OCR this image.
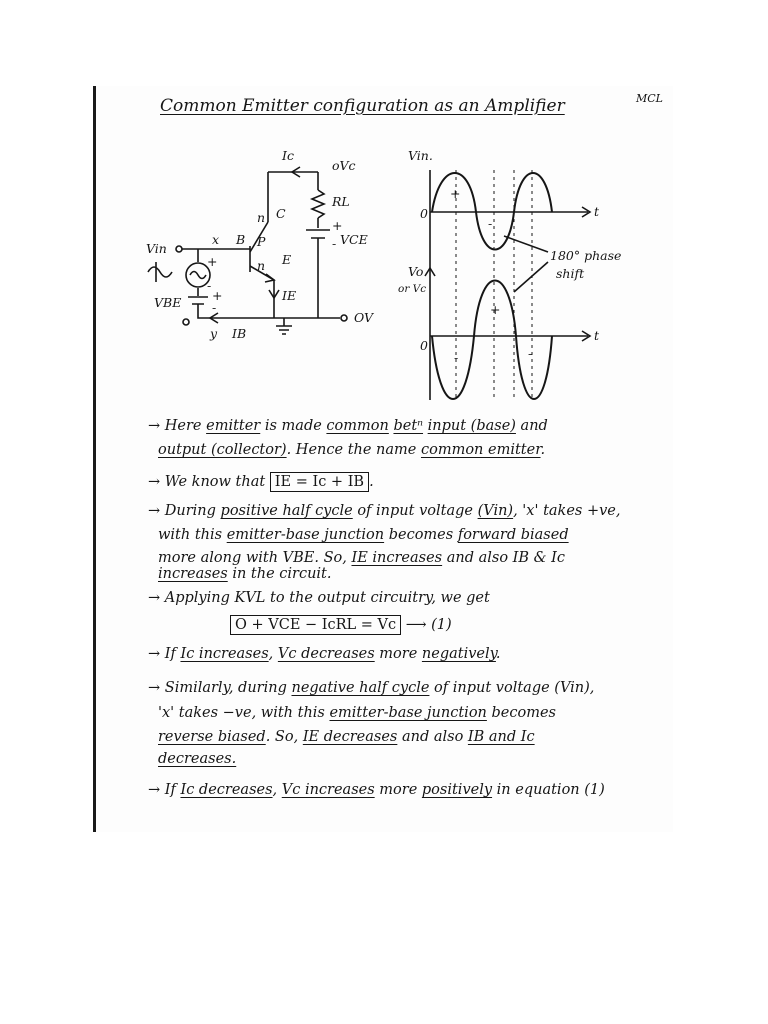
Common Emitter configuration as an Amplifier	MCL
Vin
x
y
VBE
B
C
E
n
P
n
Ic
IE
IB
oVc
RL
VCE
OV
+
-
+
-
+
-
Vin.
Vo
or Vc
t
t
0
0
+
-
+
-	-
180° phase
shift
→ Here emitter is made common betⁿ input (base) and
output (collector). Hence the name common emitter.
→ We know that IE = Ic + IB .
→ During positive half cycle of input voltage (Vin), 'x' takes +ve,
with this emitter-base junction becomes forward biased
more along with VBE. So, IE increases and also IB & Ic
increases in the circuit.
→ Applying KVL to the output circuitry, we get
O + VCE − IcRL = Vc ⟶ (1)
→ If Ic increases, Vc decreases more negatively.
→ Similarly, during negative half cycle of input voltage (Vin),
'x' takes −ve, with this emitter-base junction becomes
reverse biased. So, IE decreases and also IB and Ic
decreases.
→ If Ic decreases, Vc increases more positively in equation (1)
